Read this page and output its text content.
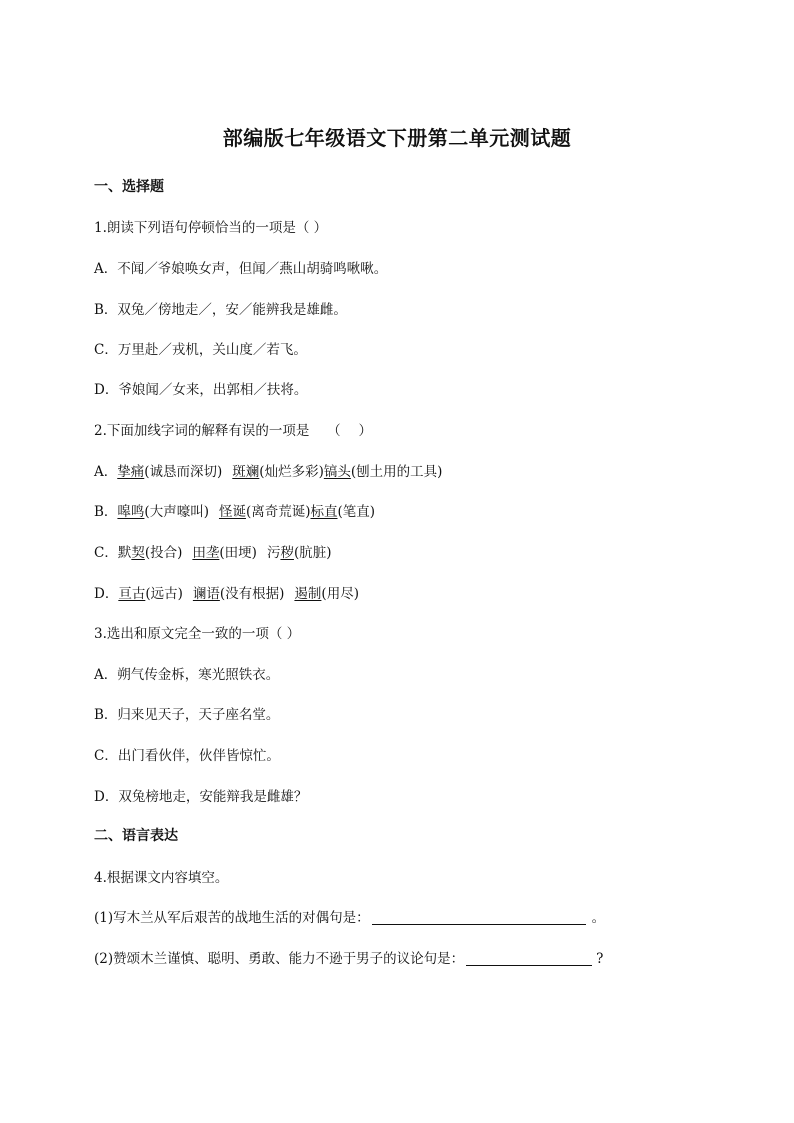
部编版七年级语文下册第二单元测试题
一、选择题
1.朗读下列语句停顿恰当的一项是（ ）
A．不闻／爷娘唤女声，但闻／燕山胡骑鸣啾啾。
B．双兔／傍地走／，安／能辨我是雄雌。
C．万里赴／戎机，关山度／若飞。
D．爷娘闻／女来，出郭相／扶将。
2.下面加线字词的解释有误的一项是　 （　 ）
A．挚痛(诚恳而深切) 斑斓(灿烂多彩)镐头(刨土用的工具)
B．嗥鸣(大声嚎叫) 怪诞(离奇荒诞)标直(笔直)
C．默契(投合) 田垄(田埂) 污秽(肮脏)
D．亘古(远古) 谰语(没有根据) 遏制(用尽)
3.选出和原文完全一致的一项（ ）
A．朔气传金柝，寒光照铁衣。
B．归来见天子，天子座名堂。
C．出门看伙伴，伙伴皆惊忙。
D．双兔榜地走，安能辩我是雌雄？
二、语言表达
4.根据课文内容填空。
(1)写木兰从军后艰苦的战地生活的对偶句是：	。
(2)赞颂木兰谨慎、聪明、勇敢、能力不逊于男子的议论句是：	?
